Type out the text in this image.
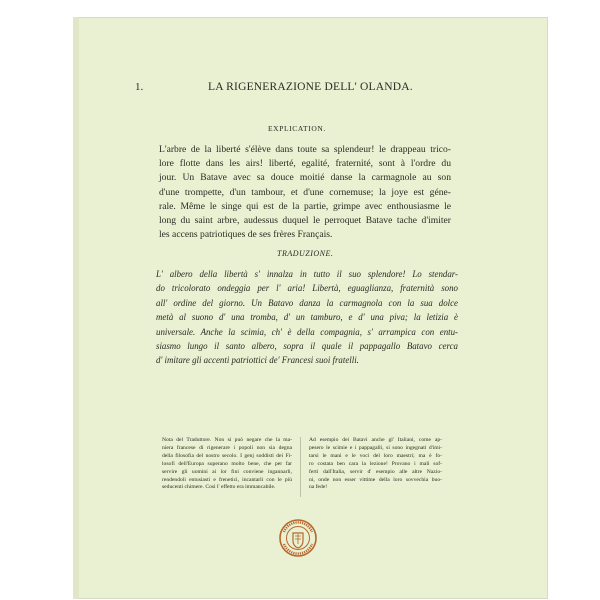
1.	LA RIGENERAZIONE DELL' OLANDA.
EXPLICATION.
L'arbre de la liberté s'élève dans toute sa splendeur! le drappeau trico-
lore flotte dans les airs! liberté, egalité, fraternité, sont à l'ordre du
jour. Un Batave avec sa douce moitié danse la carmagnole au son
d'une trompette, d'un tambour, et d'une cornemuse; la joye est géne-
rale. Même le singe qui est de la partie, grimpe avec enthousiasme le
long du saint arbre, audessus duquel le perroquet Batave tache d'imiter
les accens patriotiques de ses frères Français.
TRADUZIONE.
L' albero della libertà s' innalza in tutto il suo splendore! Lo stendar-
do tricolorato ondeggia per l' aria! Libertà, eguaglianza, fraternità sono
all' ordine del giorno. Un Batavo danza la carmagnola con la sua dolce
metà al suono d' una tromba, d' un tamburo, e d' una piva; la letizia è
universale. Anche la scimia, ch' è della compagnia, s' arrampica con entu-
siasmo lungo il santo albero, sopra il quale il pappagallo Batavo cerca
d' imitare gli accenti patriottici de' Francesi suoi fratelli.
Nota del Traduttore. Non si può negare che la ma-
niera francese di rigenerare i popoli non sia degna
della filosofia del nostro secolo. I genj soddisti dei Fi-
losofi dell'Europa superano molto bene, che per far
servire gli uomini ai lor fini conviene ingannarli,
rendendoli entusiasti e frenetici, incantarli con le più
seducenti chimere. Così l' effetto era immancabile.
Ad esempio dei Batavi anche gl' Italiani, come ap-
pesero le scimie e i pappagalli, si sono ingegnati d'imi-
tarsi le mani e le voci del loro maestri; ma è fo-
ro costata ben cara la lezione! Provano i mali sof-
ferti dall'Italia, servir d' esempio alle altre Nazio-
ni, onde non esser vittime della loro sovvechia buo-
na fede!
